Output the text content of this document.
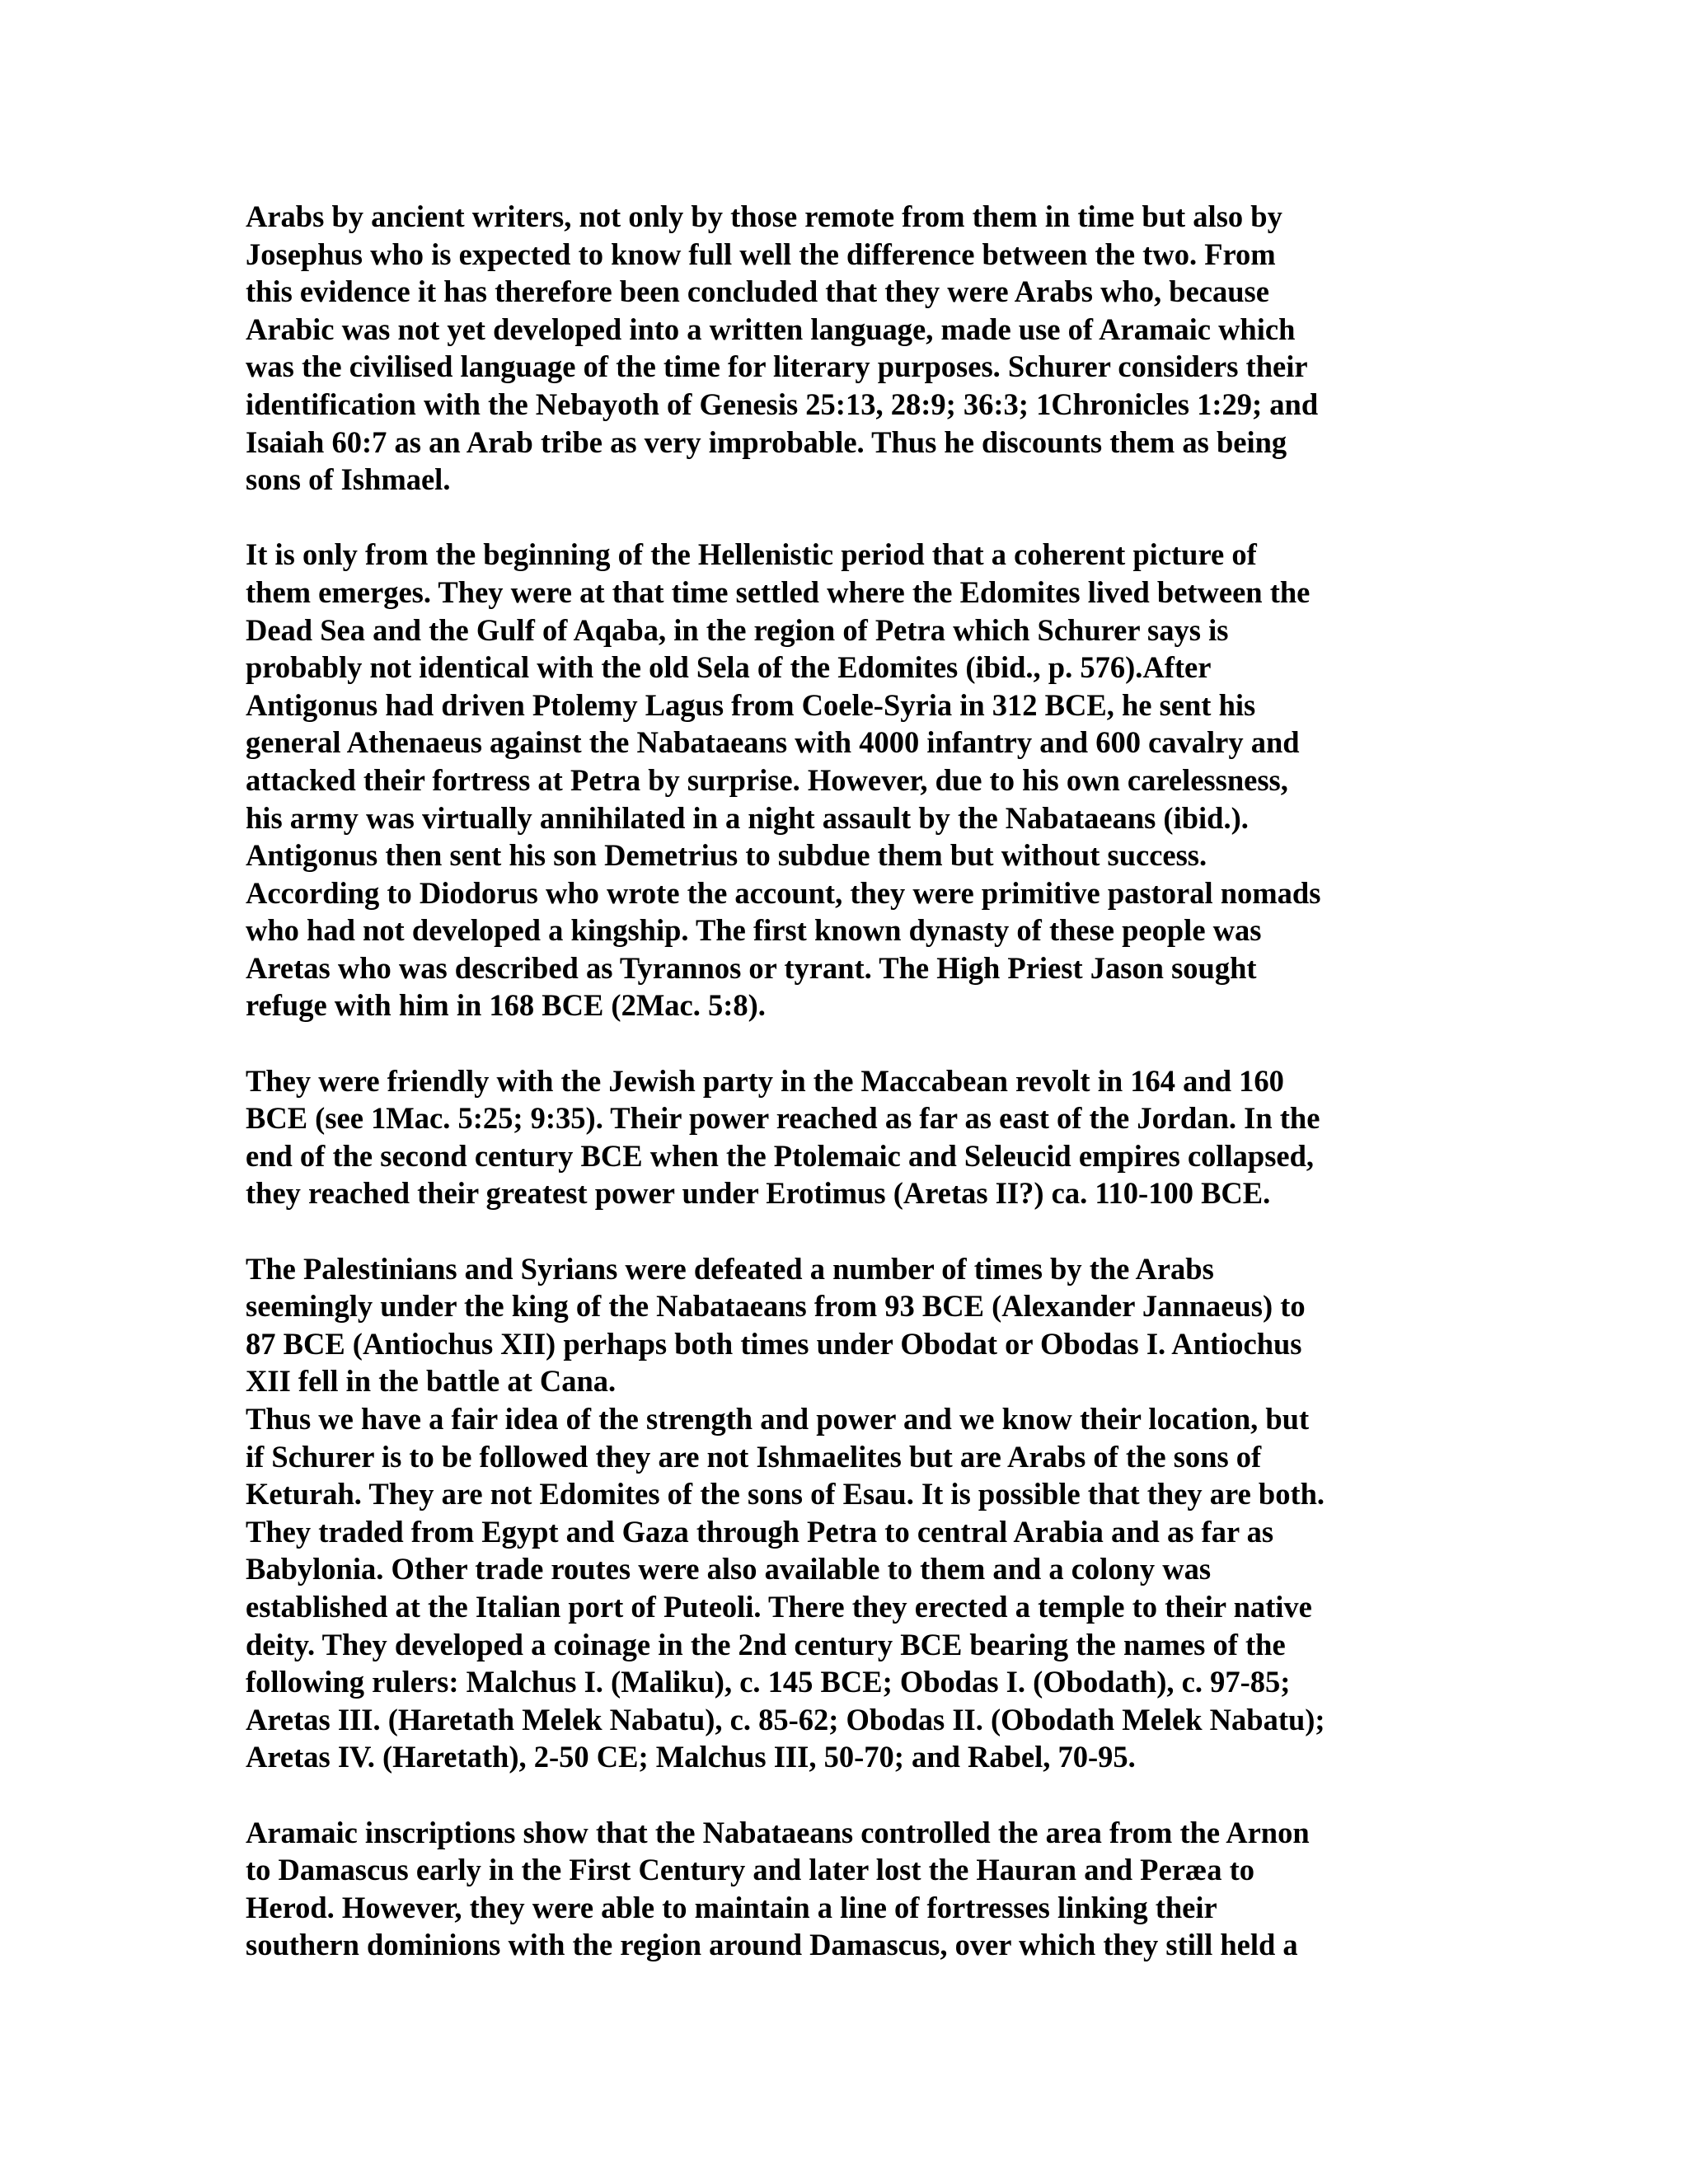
Arabs by ancient writers, not only by those remote from them in time but also by
Josephus who is expected to know full well the difference between the two. From
this evidence it has therefore been concluded that they were Arabs who, because
Arabic was not yet developed into a written language, made use of Aramaic which
was the civilised language of the time for literary purposes. Schurer considers their
identification with the Nebayoth of Genesis 25:13, 28:9; 36:3; 1Chronicles 1:29; and
Isaiah 60:7 as an Arab tribe as very improbable. Thus he discounts them as being
sons of Ishmael.

It is only from the beginning of the Hellenistic period that a coherent picture of
them emerges. They were at that time settled where the Edomites lived between the
Dead Sea and the Gulf of Aqaba, in the region of Petra which Schurer says is
probably not identical with the old Sela of the Edomites (ibid., p. 576).After
Antigonus had driven Ptolemy Lagus from Coele-Syria in 312 BCE, he sent his
general Athenaeus against the Nabataeans with 4000 infantry and 600 cavalry and
attacked their fortress at Petra by surprise. However, due to his own carelessness,
his army was virtually annihilated in a night assault by the Nabataeans (ibid.).
Antigonus then sent his son Demetrius to subdue them but without success.
According to Diodorus who wrote the account, they were primitive pastoral nomads
who had not developed a kingship. The first known dynasty of these people was
Aretas who was described as Tyrannos or tyrant. The High Priest Jason sought
refuge with him in 168 BCE (2Mac. 5:8).

They were friendly with the Jewish party in the Maccabean revolt in 164 and 160
BCE (see 1Mac. 5:25; 9:35). Their power reached as far as east of the Jordan. In the
end of the second century BCE when the Ptolemaic and Seleucid empires collapsed,
they reached their greatest power under Erotimus (Aretas II?) ca. 110-100 BCE.

The Palestinians and Syrians were defeated a number of times by the Arabs
seemingly under the king of the Nabataeans from 93 BCE (Alexander Jannaeus) to
87 BCE (Antiochus XII) perhaps both times under Obodat or Obodas I. Antiochus
XII fell in the battle at Cana.
Thus we have a fair idea of the strength and power and we know their location, but
if Schurer is to be followed they are not Ishmaelites but are Arabs of the sons of
Keturah. They are not Edomites of the sons of Esau. It is possible that they are both.
They traded from Egypt and Gaza through Petra to central Arabia and as far as
Babylonia. Other trade routes were also available to them and a colony was
established at the Italian port of Puteoli. There they erected a temple to their native
deity. They developed a coinage in the 2nd century BCE bearing the names of the
following rulers: Malchus I. (Maliku), c. 145 BCE; Obodas I. (Obodath), c. 97-85;
Aretas III. (Haretath Melek Nabatu), c. 85-62; Obodas II. (Obodath Melek Nabatu);
Aretas IV. (Haretath), 2-50 CE; Malchus III, 50-70; and Rabel, 70-95.

Aramaic inscriptions show that the Nabataeans controlled the area from the Arnon
to Damascus early in the First Century and later lost the Hauran and Peræa to
Herod. However, they were able to maintain a line of fortresses linking their
southern dominions with the region around Damascus, over which they still held a
